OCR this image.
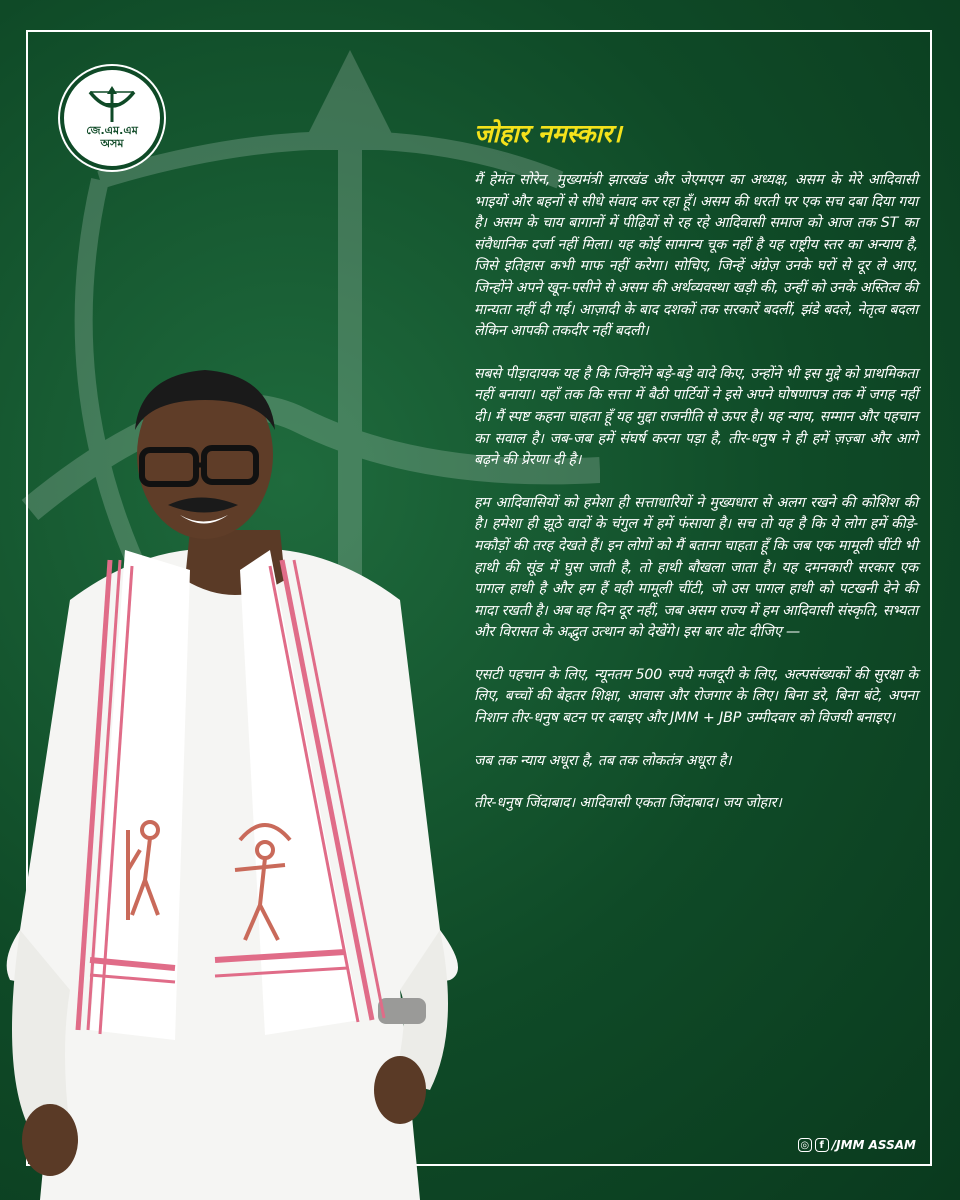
জে.এম.এম
অসম	जोहार नमस्कार।

मैं हेमंत सोरेन, मुख्यमंत्री झारखंड और जेएमएम का अध्यक्ष, असम के मेरे आदिवासी भाइयों और बहनों से सीधे संवाद कर रहा हूँ। असम की धरती पर एक सच दबा दिया गया है। असम के चाय बागानों में पीढ़ियों से रह रहे आदिवासी समाज को आज तक ST का संवैधानिक दर्जा नहीं मिला। यह कोई सामान्य चूक नहीं है यह राष्ट्रीय स्तर का अन्याय है, जिसे इतिहास कभी माफ नहीं करेगा। सोचिए, जिन्हें अंग्रेज़ उनके घरों से दूर ले आए, जिन्होंने अपने खून-पसीने से असम की अर्थव्यवस्था खड़ी की, उन्हीं को उनके अस्तित्व की मान्यता नहीं दी गई। आज़ादी के बाद दशकों तक सरकारें बदलीं, झंडे बदले, नेतृत्व बदला लेकिन आपकी तकदीर नहीं बदली।

सबसे पीड़ादायक यह है कि जिन्होंने बड़े-बड़े वादे किए, उन्होंने भी इस मुद्दे को प्राथमिकता नहीं बनाया। यहाँ तक कि सत्ता में बैठी पार्टियों ने इसे अपने घोषणापत्र तक में जगह नहीं दी। मैं स्पष्ट कहना चाहता हूँ यह मुद्दा राजनीति से ऊपर है। यह न्याय, सम्मान और पहचान का सवाल है। जब-जब हमें संघर्ष करना पड़ा है, तीर-धनुष ने ही हमें ज़ज़्बा और आगे बढ़ने की प्रेरणा दी है।

हम आदिवासियों को हमेशा ही सत्ताधारियों ने मुख्यधारा से अलग रखने की कोशिश की है। हमेशा ही झूठे वादों के चंगुल में हमें फंसाया है। सच तो यह है कि ये लोग हमें कीड़े-मकौड़ों की तरह देखते हैं। इन लोगों को मैं बताना चाहता हूँ कि जब एक मामूली चींटी भी हाथी की सूंड में घुस जाती है, तो हाथी बौखला जाता है। यह दमनकारी सरकार एक पागल हाथी है और हम हैं वही मामूली चींटी, जो उस पागल हाथी को पटखनी देने की मादा रखती है। अब वह दिन दूर नहीं, जब असम राज्य में हम आदिवासी संस्कृति, सभ्यता और विरासत के अद्भुत उत्थान को देखेंगे। इस बार वोट दीजिए —

एसटी पहचान के लिए, न्यूनतम 500 रुपये मजदूरी के लिए, अल्पसंख्यकों की सुरक्षा के लिए, बच्चों की बेहतर शिक्षा, आवास और रोजगार के लिए। बिना डरे, बिना बंटे, अपना निशान तीर-धनुष बटन पर दबाइए और JMM + JBP उम्मीदवार को विजयी बनाइए।

जब तक न्याय अधूरा है, तब तक लोकतंत्र अधूरा है।

तीर-धनुष जिंदाबाद। आदिवासी एकता जिंदाबाद। जय जोहार।

◎	f /JMM ASSAM
